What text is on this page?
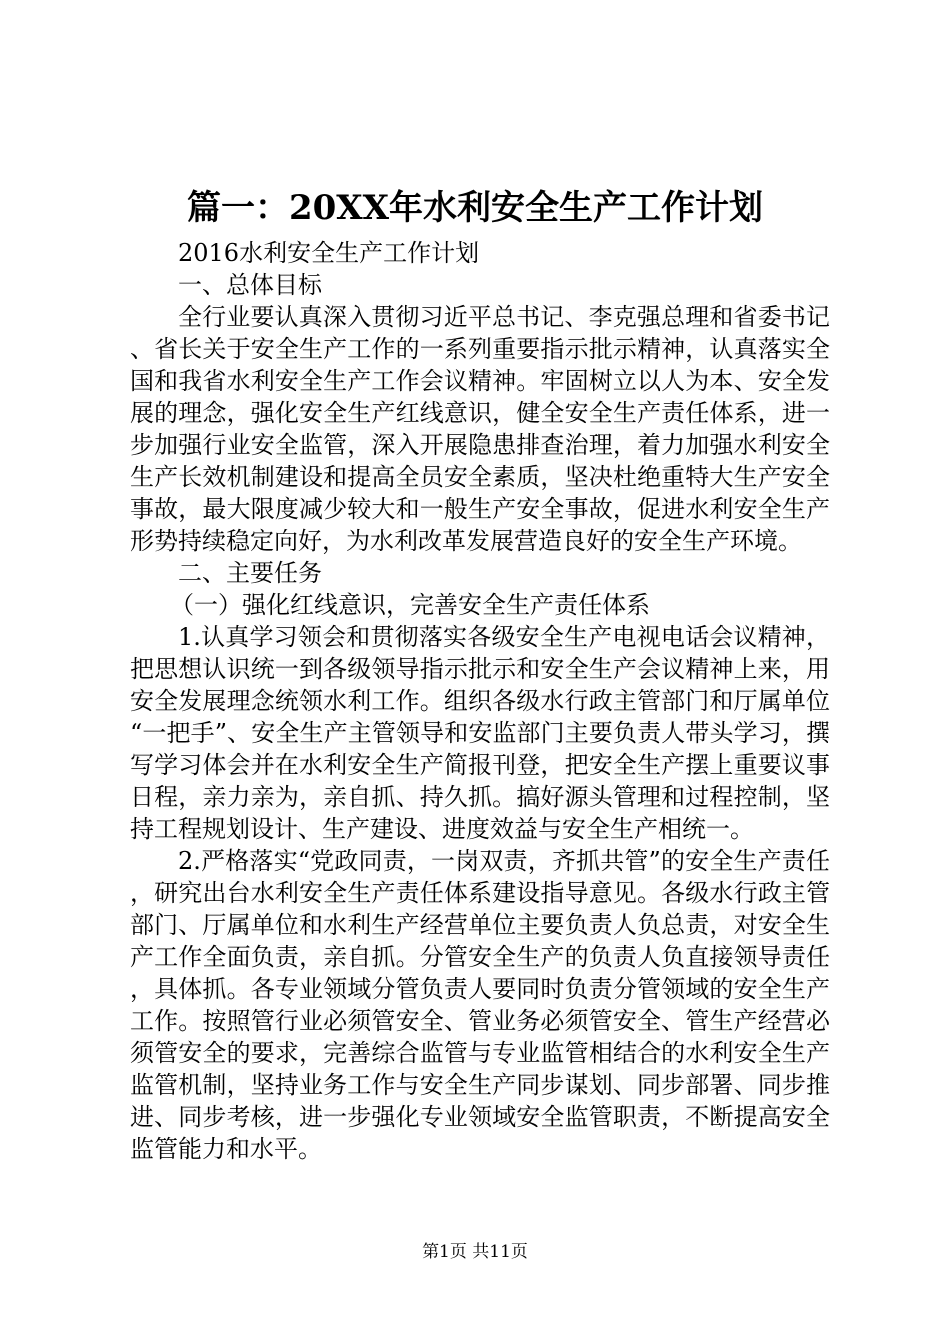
篇一：20XX年水利安全生产工作计划

2016水利安全生产工作计划

一、总体目标

全行业要认真深入贯彻习近平总书记、李克强总理和省委书记、省长关于安全生产工作的一系列重要指示批示精神，认真落实全国和我省水利安全生产工作会议精神。牢固树立以人为本、安全发展的理念，强化安全生产红线意识，健全安全生产责任体系，进一步加强行业安全监管，深入开展隐患排查治理，着力加强水利安全生产长效机制建设和提高全员安全素质，坚决杜绝重特大生产安全事故，最大限度减少较大和一般生产安全事故，促进水利安全生产形势持续稳定向好，为水利改革发展营造良好的安全生产环境。

二、主要任务

（一）强化红线意识，完善安全生产责任体系

1.认真学习领会和贯彻落实各级安全生产电视电话会议精神，把思想认识统一到各级领导指示批示和安全生产会议精神上来，用安全发展理念统领水利工作。组织各级水行政主管部门和厅属单位“一把手”、安全生产主管领导和安监部门主要负责人带头学习，撰写学习体会并在水利安全生产简报刊登，把安全生产摆上重要议事日程，亲力亲为，亲自抓、持久抓。搞好源头管理和过程控制，坚持工程规划设计、生产建设、进度效益与安全生产相统一。

2.严格落实“党政同责，一岗双责，齐抓共管”的安全生产责任，研究出台水利安全生产责任体系建设指导意见。各级水行政主管部门、厅属单位和水利生产经营单位主要负责人负总责，对安全生产工作全面负责，亲自抓。分管安全生产的负责人负直接领导责任，具体抓。各专业领域分管负责人要同时负责分管领域的安全生产工作。按照管行业必须管安全、管业务必须管安全、管生产经营必须管安全的要求，完善综合监管与专业监管相结合的水利安全生产监管机制，坚持业务工作与安全生产同步谋划、同步部署、同步推进、同步考核，进一步强化专业领域安全监管职责，不断提高安全监管能力和水平。

第1页 共11页
